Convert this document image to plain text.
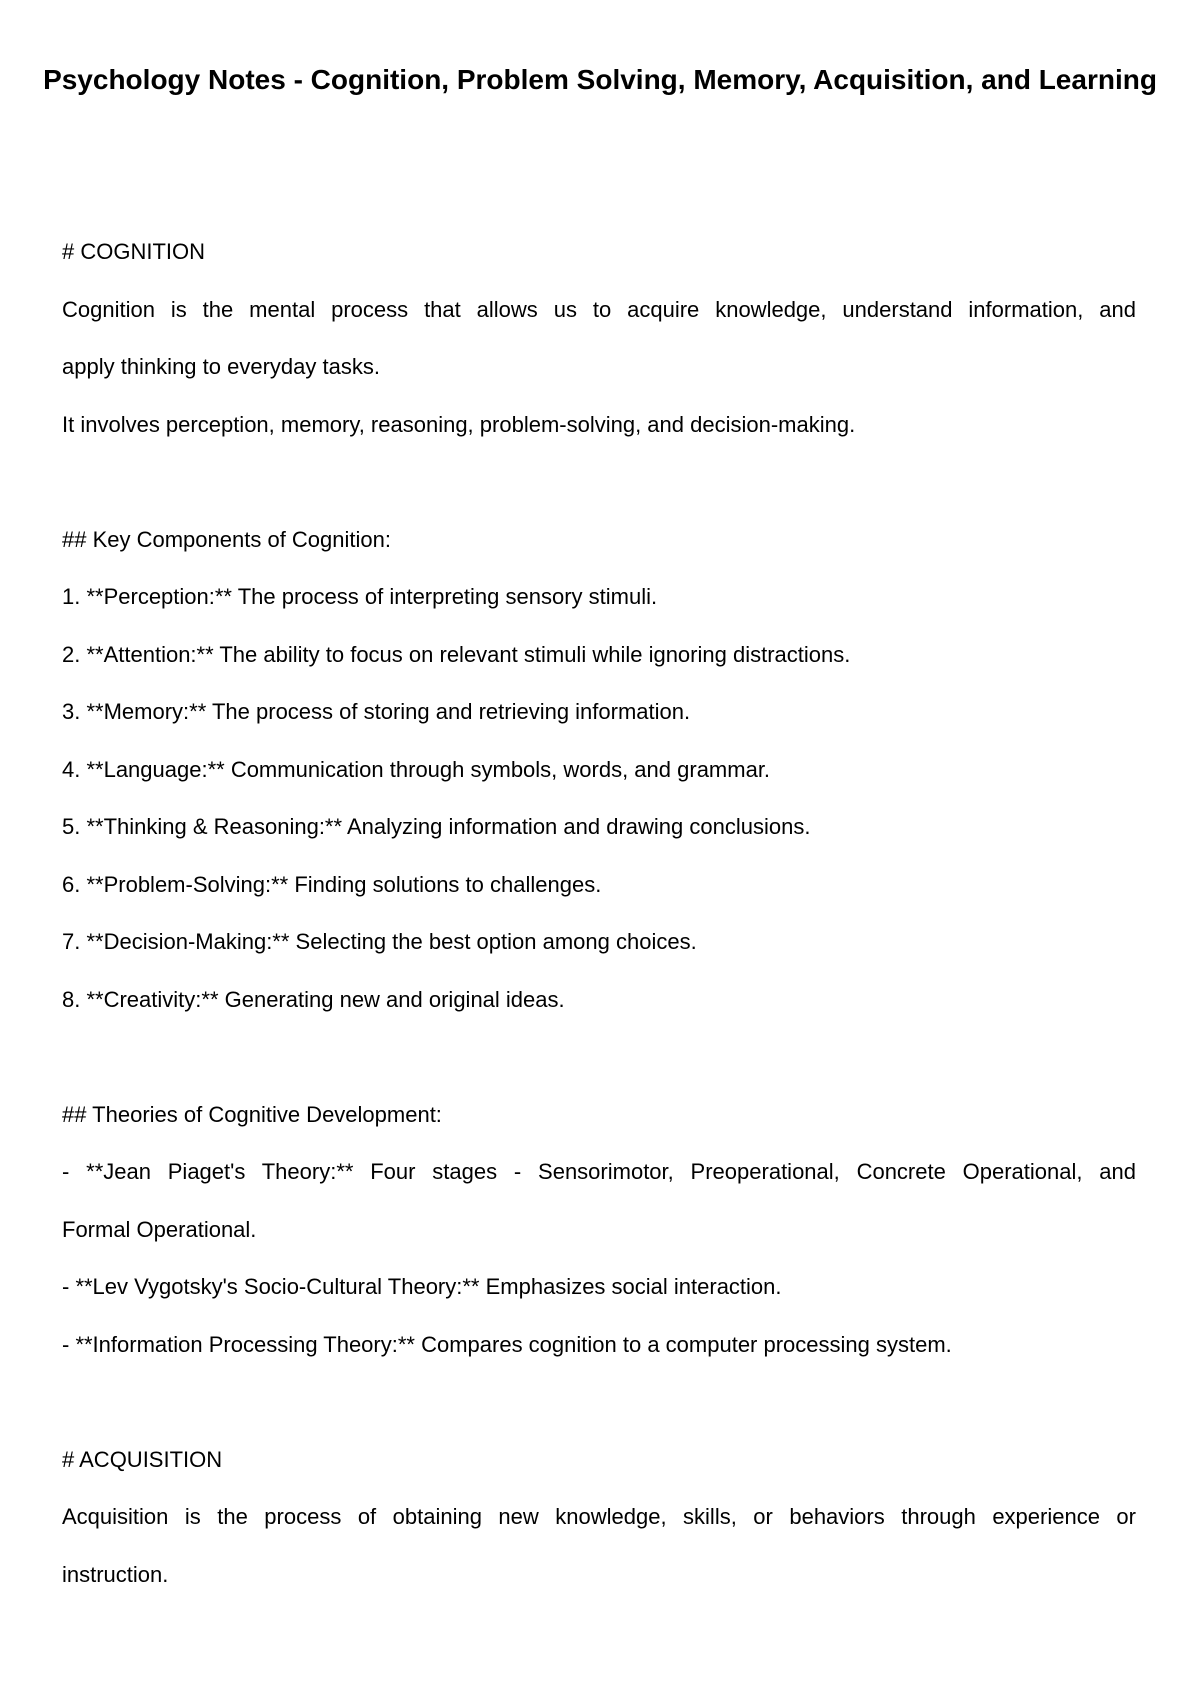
Psychology Notes - Cognition, Problem Solving, Memory, Acquisition, and Learning
# COGNITION
Cognition is the mental process that allows us to acquire knowledge, understand information, and
apply thinking to everyday tasks.
It involves perception, memory, reasoning, problem-solving, and decision-making.
## Key Components of Cognition:
1. **Perception:** The process of interpreting sensory stimuli.
2. **Attention:** The ability to focus on relevant stimuli while ignoring distractions.
3. **Memory:** The process of storing and retrieving information.
4. **Language:** Communication through symbols, words, and grammar.
5. **Thinking & Reasoning:** Analyzing information and drawing conclusions.
6. **Problem-Solving:** Finding solutions to challenges.
7. **Decision-Making:** Selecting the best option among choices.
8. **Creativity:** Generating new and original ideas.
## Theories of Cognitive Development:
- **Jean Piaget's Theory:** Four stages - Sensorimotor, Preoperational, Concrete Operational, and
Formal Operational.
- **Lev Vygotsky's Socio-Cultural Theory:** Emphasizes social interaction.
- **Information Processing Theory:** Compares cognition to a computer processing system.
# ACQUISITION
Acquisition is the process of obtaining new knowledge, skills, or behaviors through experience or
instruction.
